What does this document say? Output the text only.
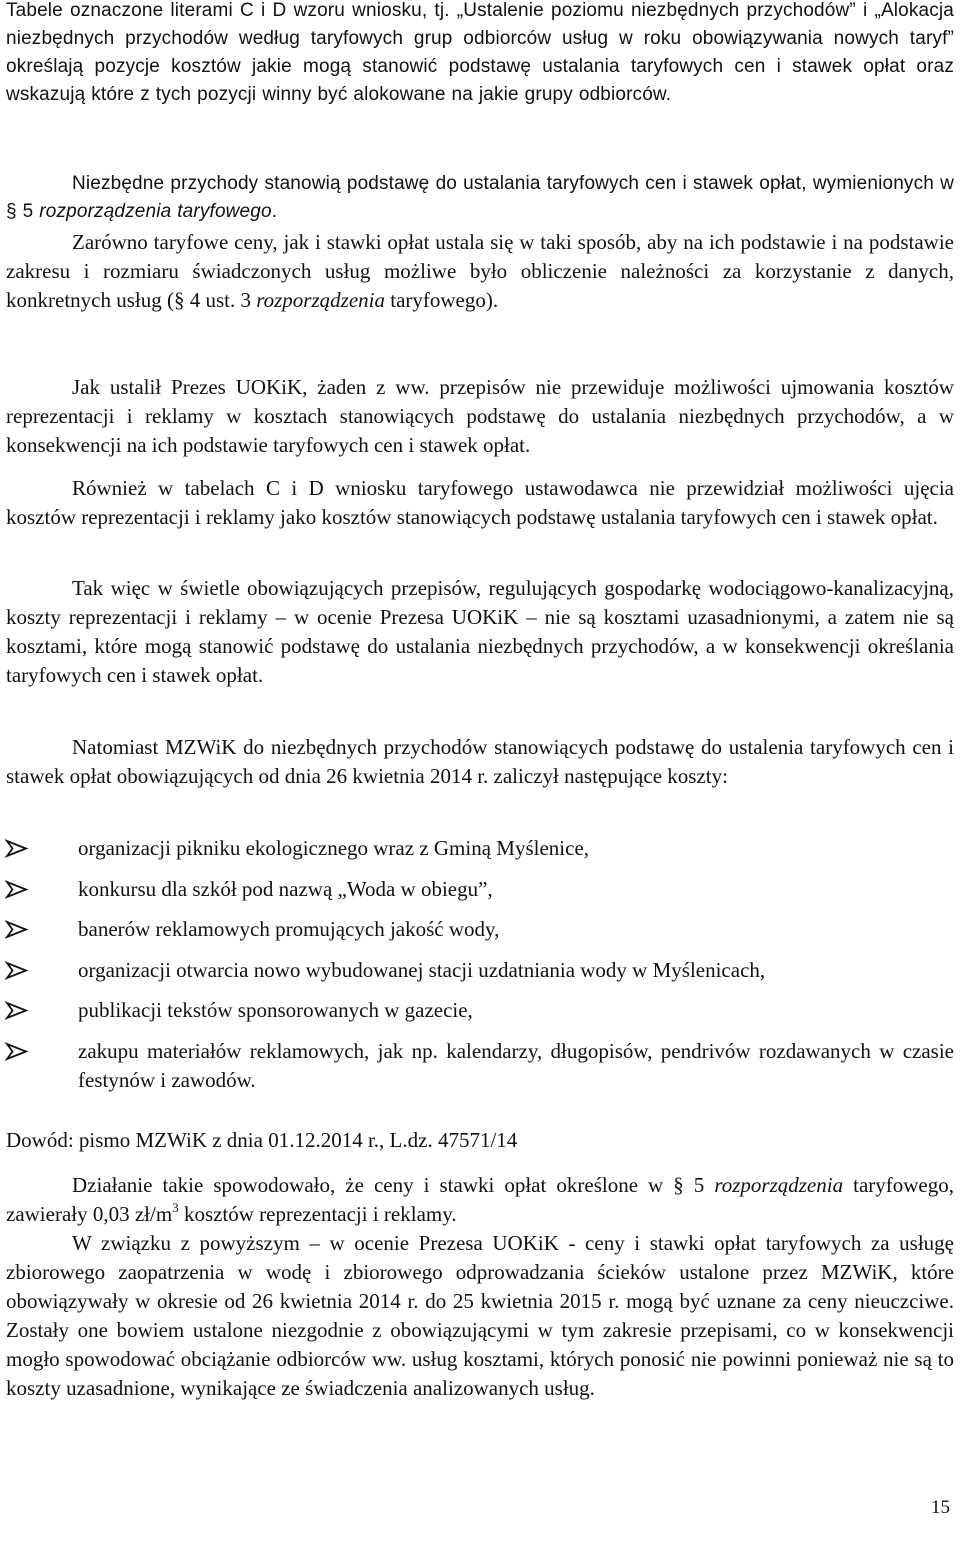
Tabele oznaczone literami C i D wzoru wniosku, tj. „Ustalenie poziomu niezbędnych przychodów” i „Alokacja niezbędnych przychodów według taryfowych grup odbiorców usług w roku obowiązywania nowych taryf” określają pozycje kosztów jakie mogą stanowić podstawę ustalania taryfowych cen i stawek opłat oraz wskazują które z tych pozycji winny być alokowane na jakie grupy odbiorców.

Niezbędne przychody stanowią podstawę do ustalania taryfowych cen i stawek opłat, wymienionych w § 5 rozporządzenia taryfowego.

Zarówno taryfowe ceny, jak i stawki opłat ustala się w taki sposób, aby na ich podstawie i na podstawie zakresu i rozmiaru świadczonych usług możliwe było obliczenie należności za korzystanie z danych, konkretnych usług (§ 4 ust. 3 rozporządzenia taryfowego).

Jak ustalił Prezes UOKiK, żaden z ww. przepisów nie przewiduje możliwości ujmowania kosztów reprezentacji i reklamy w kosztach stanowiących podstawę do ustalania niezbędnych przychodów, a w konsekwencji na ich podstawie taryfowych cen i stawek opłat.

Również w tabelach C i D wniosku taryfowego ustawodawca nie przewidział możliwości ujęcia kosztów reprezentacji i reklamy jako kosztów stanowiących podstawę ustalania taryfowych cen i stawek opłat.

Tak więc w świetle obowiązujących przepisów, regulujących gospodarkę wodociągowo-kanalizacyjną, koszty reprezentacji i reklamy – w ocenie Prezesa UOKiK – nie są kosztami uzasadnionymi, a zatem nie są kosztami, które mogą stanowić podstawę do ustalania niezbędnych przychodów, a w konsekwencji określania taryfowych cen i stawek opłat.

Natomiast MZWiK do niezbędnych przychodów stanowiących podstawę do ustalenia taryfowych cen i stawek opłat obowiązujących od dnia 26 kwietnia 2014 r. zaliczył następujące koszty:

organizacji pikniku ekologicznego wraz z Gminą Myślenice,
konkursu dla szkół pod nazwą „Woda w obiegu”,
banerów reklamowych promujących jakość wody,
organizacji otwarcia nowo wybudowanej stacji uzdatniania wody w Myślenicach,
publikacji tekstów sponsorowanych w gazecie,
zakupu materiałów reklamowych, jak np. kalendarzy, długopisów, pendrivów rozdawanych w czasie festynów i zawodów.

Dowód: pismo MZWiK z dnia 01.12.2014 r., L.dz. 47571/14

Działanie takie spowodowało, że ceny i stawki opłat określone w § 5 rozporządzenia taryfowego, zawierały 0,03 $zł/m^3$ kosztów reprezentacji i reklamy.

W związku z powyższym – w ocenie Prezesa UOKiK - ceny i stawki opłat taryfowych za usługę zbiorowego zaopatrzenia w wodę i zbiorowego odprowadzania ścieków ustalone przez MZWiK, które obowiązywały w okresie od 26 kwietnia 2014 r. do 25 kwietnia 2015 r. mogą być uznane za ceny nieuczciwe. Zostały one bowiem ustalone niezgodnie z obowiązującymi w tym zakresie przepisami, co w konsekwencji mogło spowodować obciążanie odbiorców ww. usług kosztami, których ponosić nie powinni ponieważ nie są to koszty uzasadnione, wynikające ze świadczenia analizowanych usług.

15
